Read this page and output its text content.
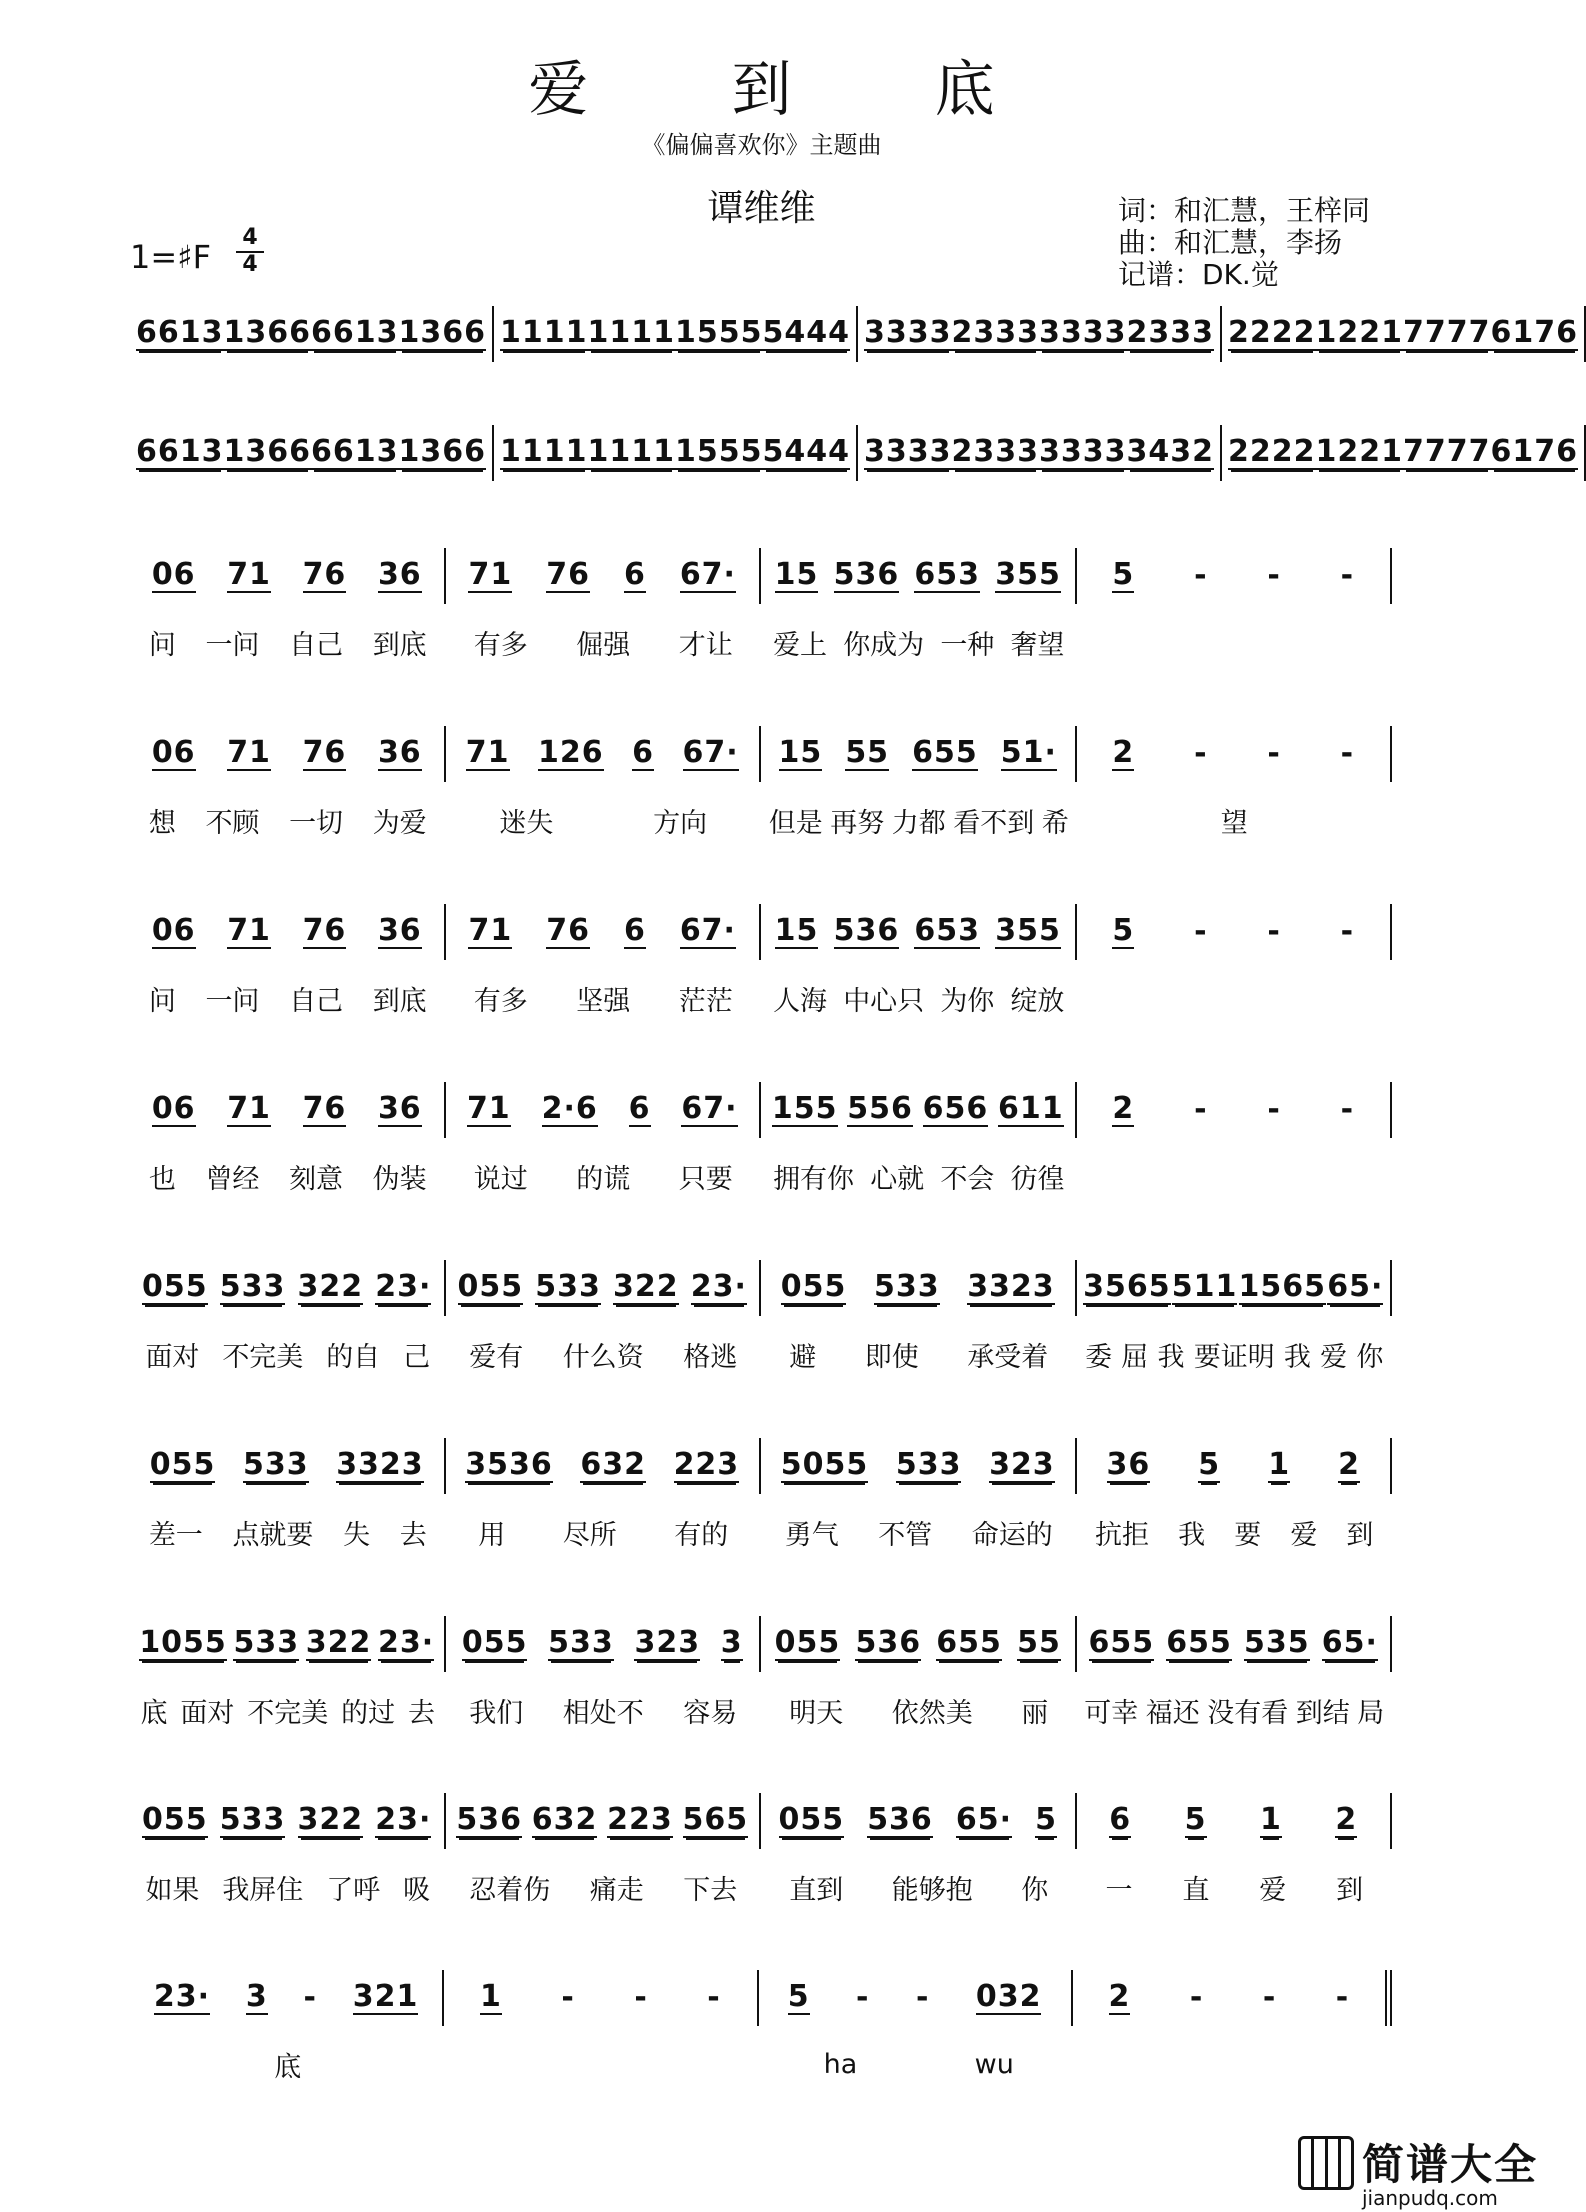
爱 到 底
《偏偏喜欢你》主题曲
谭维维	词：和汇慧，王梓同
曲：和汇慧，李扬
记谱：DK.觉
1=♯F $\frac{4}{4}$
6613 1366 6613 1366 1111 1111 1555 5444 3333 2333 3333 2333 2222 1221 7777 6176
6613 1366 6613 1366 1111 1111 1555 5444 3333 2333 3333 3432 2222 1221 7777 6176
06 71 76 36 71 76 6 67· 15 536 653 355 5 - - -
问 一问 自己 到底 有多 倔强 才让 爱上 你成为 一种 奢望
06 71 76 36 71 126 6 67· 15 55 655 51· 2 - - -
想 不顾 一切 为爱	迷失	方向 但是 再努 力都 看不到 希	望
06 71 76 36 71 76 6 67· 15 536 653 355 5 - - -
问 一问 自己 到底 有多 坚强 茫茫 人海 中心只 为你 绽放
06 71 76 36 71 2·6 6 67· 155 556 656 611 2 - - -
也 曾经 刻意 伪装 说过 的谎 只要 拥有你 心就 不会 彷徨
055 533 322 23· 055 533 322 23· 055 533 3323 3565 511 1565 65·
面对 不完美 的自 己 爱有 什么资 格逃 避 即使 承受着 委 屈 我 要证明 我 爱 你
055 533 3323 3536 632 223 5055 533 323 36 5 1 2
差一 点就要 失 去 用 尽所 有的 勇气 不管 命运的 抗拒 我 要 爱 到
1055 533 322 23· 055 533 323 3 055 536 655 55 655 655 535 65·
底 面对 不完美 的过 去 我们 相处不 容易 明天 依然美 丽 可幸 福还 没有看 到结 局
055 533 322 23· 536 632 223 565 055 536 65· 5 6 5 1 2
如果 我屏住 了呼 吸 忍着伤 痛走 下去 直到 能够抱 你 一 直 爱 到
23· 3 - 321 1 - - - 5 - - 032 2 - - -
底	ha	wu
简谱大全
jianpudq.com
